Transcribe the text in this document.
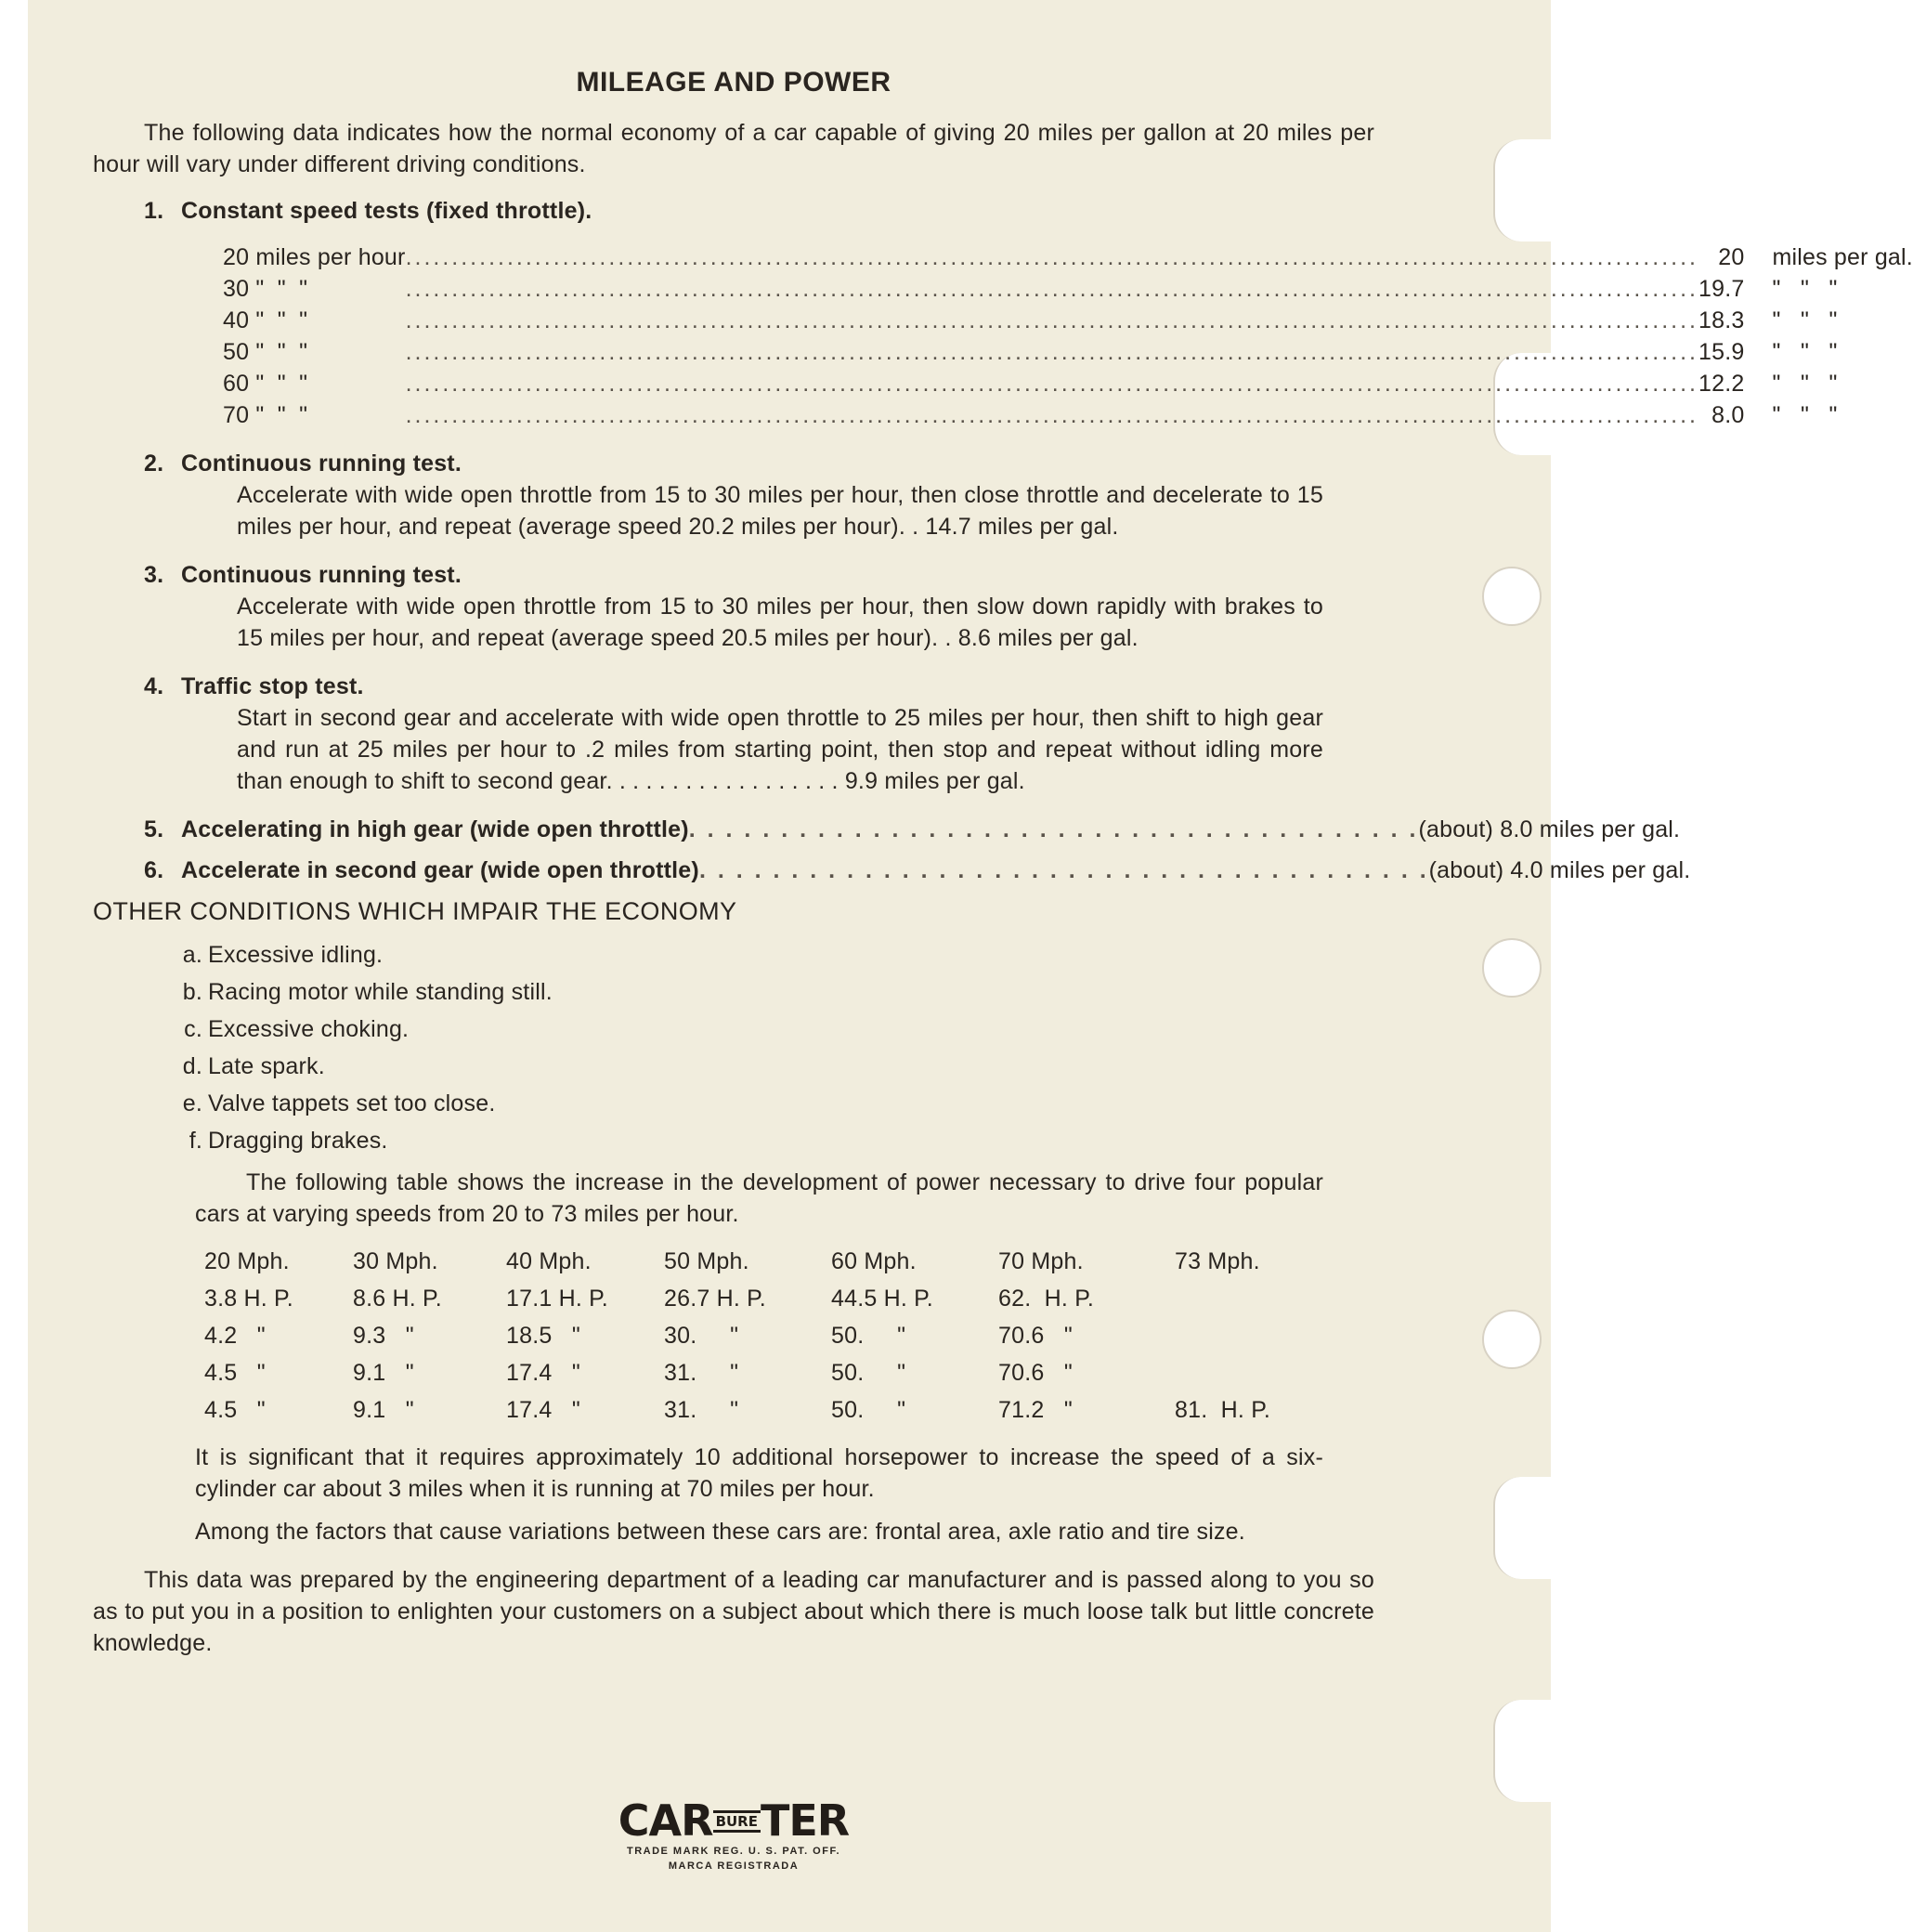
MILEAGE AND POWER

The following data indicates how the normal economy of a car capable of giving 20 miles per gallon at 20 miles per hour will vary under different driving conditions.

1. Constant speed tests (fixed throttle).
20 miles per hour	............................................................................................................................................	20	miles per gal.
30 "  "  "	............................................................................................................................................	19.7	"   "   "
40 "  "  "	............................................................................................................................................	18.3	"   "   "
50 "  "  "	............................................................................................................................................	15.9	"   "   "
60 "  "  "	............................................................................................................................................	12.2	"   "   "
70 "  "  "	............................................................................................................................................	8.0	"   "   "
2. Continuous running test.
Accelerate with wide open throttle from 15 to 30 miles per hour, then close throttle and decelerate to 15 miles per hour, and repeat (average speed 20.2 miles per hour). . 14.7 miles per gal.
3. Continuous running test.
Accelerate with wide open throttle from 15 to 30 miles per hour, then slow down rapidly with brakes to 15 miles per hour, and repeat (average speed 20.5 miles per hour). . 8.6 miles per gal.
4. Traffic stop test.
Start in second gear and accelerate with wide open throttle to 25 miles per hour, then shift to high gear and run at 25 miles per hour to .2 miles from starting point, then stop and repeat without idling more than enough to shift to second gear. . . . . . . . . . . . . . . . . . 9.9 miles per gal.
5. Accelerating in high gear (wide open throttle). . . . . . . . . . . . . . . . . . . . . . . . . . . . . . . . . . . . . . . . (about) 8.0 miles per gal.
6. Accelerate in second gear (wide open throttle). . . . . . . . . . . . . . . . . . . . . . . . . . . . . . . . . . . . . . . . (about) 4.0 miles per gal.
OTHER CONDITIONS WHICH IMPAIR THE ECONOMY
a. Excessive idling.
b. Racing motor while standing still.
c. Excessive choking.
d. Late spark.
e. Valve tappets set too close.
f. Dragging brakes.

The following table shows the increase in the development of power necessary to drive four popular cars at varying speeds from 20 to 73 miles per hour.

20 Mph.	30 Mph.	40 Mph.	50 Mph.	60 Mph.	70 Mph.	73 Mph.
3.8 H. P.	8.6 H. P.	17.1 H. P.	26.7 H. P.	44.5 H. P.	62.  H. P.	
4.2   "	9.3   "	18.5   "	30.     "	50.     "	70.6   "	
4.5   "	9.1   "	17.4   "	31.     "	50.     "	70.6   "	
4.5   "	9.1   "	17.4   "	31.     "	50.     "	71.2   "	81.  H. P.

It is significant that it requires approximately 10 additional horsepower to increase the speed of a six-cylinder car about 3 miles when it is running at 70 miles per hour.

Among the factors that cause variations between these cars are: frontal area, axle ratio and tire size.

This data was prepared by the engineering department of a leading car manufacturer and is passed along to you so as to put you in a position to enlighten your customers on a subject about which there is much loose talk but little concrete knowledge.

CAR BURETER
TRADE MARK REG. U. S. PAT. OFF.
MARCA REGISTRADA
